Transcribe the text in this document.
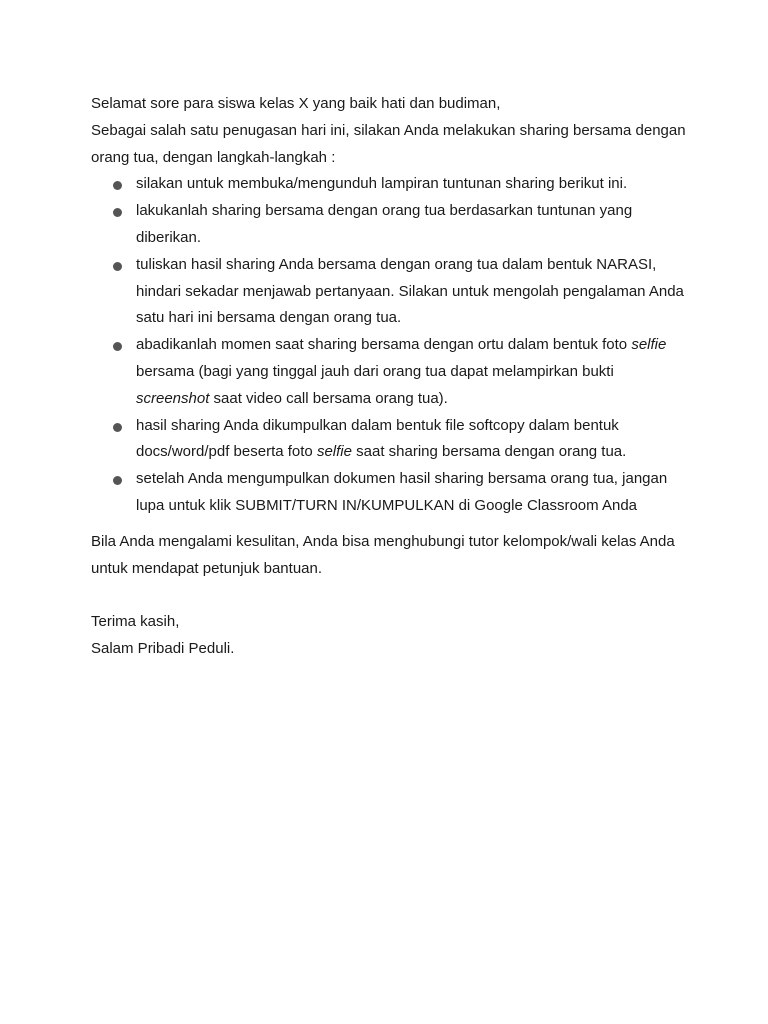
Selamat sore para siswa kelas X yang baik hati dan budiman,

Sebagai salah satu penugasan hari ini, silakan Anda melakukan sharing bersama dengan orang tua, dengan langkah-langkah :

silakan untuk membuka/mengunduh lampiran tuntunan sharing berikut ini.
lakukanlah sharing bersama dengan orang tua berdasarkan tuntunan yang diberikan.
tuliskan hasil sharing Anda bersama dengan orang tua dalam bentuk NARASI, hindari sekadar menjawab pertanyaan. Silakan untuk mengolah pengalaman Anda satu hari ini bersama dengan orang tua.
abadikanlah momen saat sharing bersama dengan ortu dalam bentuk foto selfie bersama (bagi yang tinggal jauh dari orang tua dapat melampirkan bukti screenshot saat video call bersama orang tua).
hasil sharing Anda dikumpulkan dalam bentuk file softcopy dalam bentuk docs/word/pdf beserta foto selfie saat sharing bersama dengan orang tua.
setelah Anda mengumpulkan dokumen hasil sharing bersama orang tua, jangan lupa untuk klik SUBMIT/TURN IN/KUMPULKAN di Google Classroom Anda

Bila Anda mengalami kesulitan, Anda bisa menghubungi tutor kelompok/wali kelas Anda untuk mendapat petunjuk bantuan.

Terima kasih,

Salam Pribadi Peduli.
